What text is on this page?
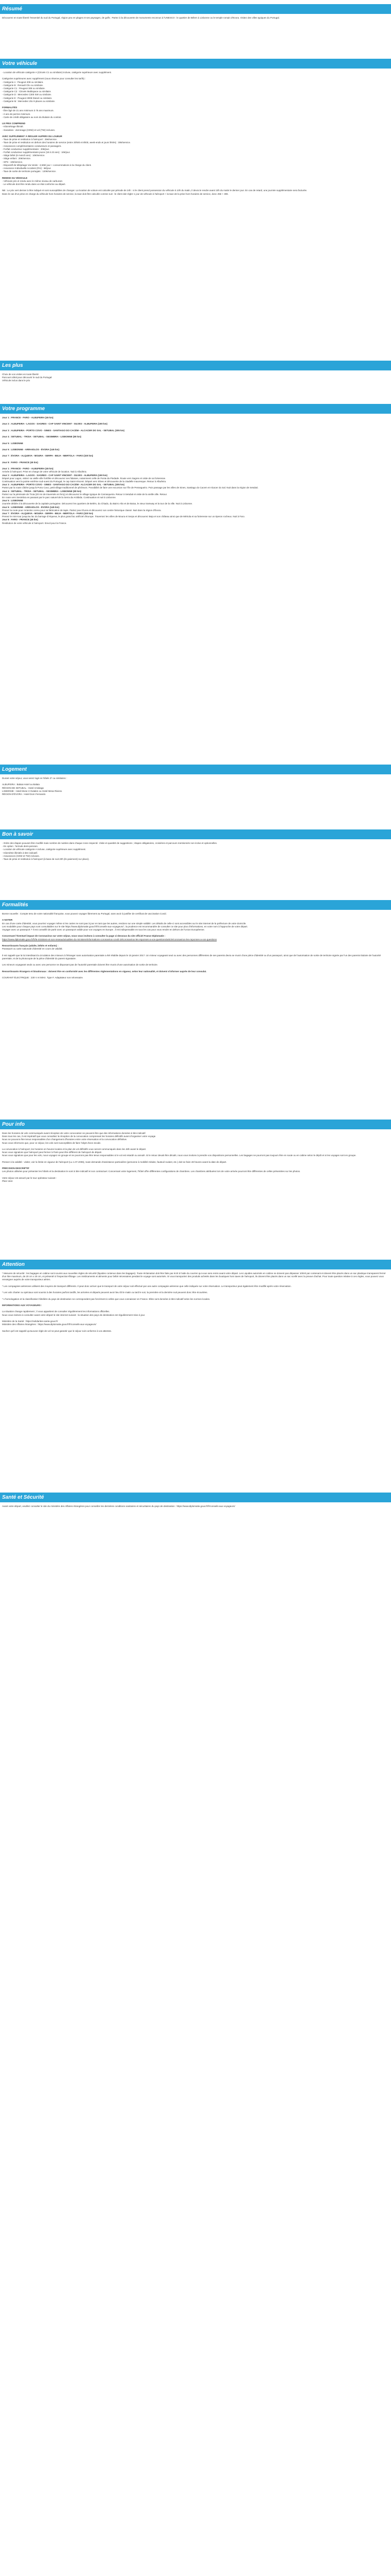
Résumé
Découvrez en toute liberté l'essentiel du sud du Portugal, région peu en plages et ses paysages, de golfs ; Partez à la découverte de monuments reconnus à l'UNESCO : le quartier de Bélem à Lisbonne ou le temple romain d'Evora. Visitez des villes typiques du Portugal.
Votre véhicule
- Location de véhicule catégorie A (Citroën C1 ou similaire) incluse, catégorie supérieure avec supplément.
Catégories supérieures avec supplément (sous réserve pour consulter les tarifs) :
- Catégorie A : Peugeot 208 ou similaire.
- Catégorie B : Renault Clio ou similaire.
- Catégorie C1 : Peugeot 308 ou similaire.
- Catégorie C2 : Citroën Multispace ou similaire.
- Catégorie D : Mercedes C300 SW ou similaire.
- Catégorie E : Peugeot 3008 Diesel ou similaire.
- Catégorie M : Mercedes Vito 9 places ou similaire.
FORMALITÉS
- Être âgé de 21 ans minimum à 75 ans maximum.
- 2 ans de permis minimum.
- Carte de crédit obligatoire au nom du titulaire du contrat.
LE PRIX COMPREND
- Kilométrage illimité.
- Garanties : dommage (CDW) et vol (TW) incluses.
AVEC SUPPLÉMENT À RÉGLER AUPRÈS DU LOUEUR
- Taxe de prise et restitution à l'aéroport : 25€/service.
- Taxe de prise et restitution en dehors des horaires de service (entre 20h00 et 8h00, week-ends et jours fériés) : 30€/service.
- Assurances complémentaires conducteurs et passagers.
- Forfait conducteur supplémentaire : 20€/jour.
- Forfait conducteur supplémentaire jeune (18 à 23 ans) : 10€/jour.
- Siège bébé (6 mois/3 ans) : 10€/service.
- Siège enfant : 20€/service.
- GPS : 10€/service.
- Dispositif de télépéage Via Verde : 2,50€/ jour + consommations à la charge du client.
- Assurance Individuelle Accident (PAI) : 6€/jour.
- Taxe de sortie de territoire portugais : 120€/service.
REMISE DU VÉHICULE
- Véhicule pris et rendu avec le même niveau de carburant.
- Le véhicule doit être rendu dans un état conforme au départ.
NB : Le prix vert dernier à être indiqué et sont susceptibles de changer. La location de voiture est calculée par période de 24h : si le client prend possession du véhicule à 10h du matin, il devra le rendre avant 10h du matin le dernier jour. En cas de retard, une journée supplémentaire sera facturée.
Dans le cas d'un prise en charge du véhicule hors horaires de service, la taxe doit être calculée comme suit : le client doit régler 1 jour de véhicule à l'aéroport + la taxe de la prise hors horaires de service, donc 25€ + 30€.
Les plus
Choix de vos visites en toute liberté
Parcours idéal pour découvrir le sud du Portugal
Véhicule inclus dans le prix
Votre programme
Jour 1 : FRANCE - FARO - ALBUFEIRA (45 km)
Jour 2 : ALBUFEIRA - LAGOS - SAGRES - CAP SAINT VINCENT - SILVES - ALBUFEIRA (190 km)
Jour 3 : ALBUFEIRA - PORTO COVO - SINES - SANTIAGO DO CACÉM - ALCACER DO SAL - SETUBAL (305 km)
Jour 4 : SETUBAL - TROIA - SETUBAL - SESIMBRA - LISBONNE (80 km)
Jour 5 : LISBONNE
Jour 6 : LISBONNE - ARRAIOLOS - ÉVORA (145 km)
Jour 7 : ÉVORA - ALQUEVA - MOURA - SERPA - BEJA - MERTOLA - FARO (320 km)
Jour 8 : FARO - FRANCE (45 km)
Jour 1 : FRANCE - FARO - ALBUFEIRA (45 km)
Arrivée à l'aéroport. Prise en charge de votre véhicule de location. Nuit à Albufeira.
Jour 2 : ALBUFEIRA - LAGOS - SAGRES - CAP SAINT VINCENT - SILVES - ALBUFEIRA (190 km)
Départ pour Lagos, visitez sa vieille ville fortifiée et découvrez ses falaises, notamment celle de Ponta da Piedade. Route vers Sagres et visite de sa forteresse.
Continuation vers la pointe extrême sud-ouest du Portugal, le cap Saint-Vincent. Départ vers Silves et découverte de la citadelle mauresque. Retour à Albufeira.
Jour 3 : ALBUFEIRA - PORTO COVO - SINES - SANTIAGO DO CACÉM - ALCACER DO SAL - SETUBAL (305 km)
Partez par la route côtière jusqu'à Porto Covo, petit village traditionnel de pêcheurs. Possibilité de faire une excursion sur l'île de Pessegueiro. Puis passage par les villes de Sines, Santiago do Cacem et Alcacer do Sal. Nuit dans la région de Setubal.
Jour 4 : SETUBAL - TROIA - SETUBAL - SESIMBRA - LISBONNE (80 km)
Partez sur la péninsule de Troia (20 mn de traversée en ferry) et découvrez le village typique de Carrasqueira. Retour à Setubal et visite de la vieille ville. Retour.
En route vers Sesimbra en passant par le parc naturel de la Serra da Arrábida. Continuation et nuit à Lisbonne.
Jour 5 : LISBONNE
Journée dédiée à la découverte de la capitale portugaise. Découvrez les quartiers de Belém, du Chiado, du Bairro Alto et de Baixa, le vieux tramway et la tour de la ville. Nuit à Lisbonne.
Jour 6 : LISBONNE - ARRAIOLOS - ÉVORA (145 km)
Prenez la route pour Arraiolos connu pour sa fabrication de tapis. Partez pour Évora et découvrez son centre historique classé. Nuit dans la région d'Évora.
Jour 7 : ÉVORA - ALQUEVA - MOURA - SERPA - BEJA - MERTOLA - FARO (320 km)
Prenez le mini-tour jusqu'au lac du barrage d'Alqueva, le plus grand lac artificiel d'Europe. Traversez les villes de Moura et Serpa et découvrez Beja et son château ainsi que de Mértola et sa forteresse sur un éperon rocheux. Nuit à Faro.
Jour 8 : FARO - FRANCE (45 km)
Restitution de votre véhicule à l'aéroport. Envol pour la France.
Logement
Durant votre séjour, vous serez logé en hôtels 3* ou similaires :
ALBUFEIRA : Balaia Hotel ou Balaia
RÉGION DE SETUBAL : Hotel Arrabaga
LISBONNE : Hotel Mone 3 Outalen ou Hotel Mesa Riviera
RÉGION D'ÉVORA : Hotel Dom Fernando
Bon à savoir
- Ordre des étapes pouvant être modifié mais nombre de nuitées dans chaque zone respecté. Visite et quantité de suggestions ; étapes obligatoires, croisières et parcours mentionnés non inclus et optionnelles.
- En option : formule demi-pension.
- Location de véhicule catégorie A incluse, catégorie supérieure avec supplément.
- Kilométrie illimités à titre indicatif.
- Assurances (CDW et TW) incluses.
- Taxe de prise et restitution à l'aéroport (à base de nuit 20h (ils paiement) sur place).
Formalités
Bonne nouvelle : Compte tenu de votre nationalité française, vous pouvez voyager librement au Portugal, sans avoir à justifier de certificat de vaccination Covid.
A NOTER
En cas d'une carte d'identité, vous pourriez voyager même si les cartes ne sont pas à jour en tant que les autres, rendons sur une simple validité. Les détails de celle-ci sont accessibles sur le site internet de la préfecture de votre domicile.
Les modalités pour chaque pays sont consultables sur le site https://www.diplomatie.gouv.fr/fr/conseils-aux-voyageurs/ ; la prudence est recommandée de consulter ce site pour plus d'informations, en votre nom à l'approche de votre départ.
Voyager avec un passeport ? Il est conseillé de partir avec un passeport valide pour vos voyages en Europe ; il est indispensable en tous les cas pour vous rendre en dehors de l'Union Européenne.
Concernant l'éventuel impact de Coronavirus sur votre séjour, nous vous invitons à consulter la page ci-dessous du site officiel France Diplomatie :
https://www.diplomatie.gouv.fr/fr/le-ministere-et-son-reseau/actualites-du-ministere/informations-coronavirus-covid-19/coronavirus-les-reponses-a-vos-questions/article/coronavirus-les-reponses-a-vos-questions
Ressortissants français (adulte, bébés et enfants) :
Passeport ou carte nationale d'identité en cours de validité.
Il est rappelé que la loi interdisant la circulation des mineurs à l'étranger sans autorisation parentale a été rétablie depuis le 15 janvier 2017. Un mineur voyageant seul ou avec des personnes différentes de ses parents devra se munir d'une pièce d'identité ou d'un passeport, ainsi que de l'autorisation de sortie de territoire signée par l'un des parents titulaire de l'autorité parentale, et de la photocopie de la pièce d'identité du parent signataire.
Les mineurs voyageant seuls ou avec une personne ne disposant pas de l'autorité parentale doivent être munis d'une autorisation de sortie de territoire.
Ressortissants étrangers et binationaux : doivent être en conformité avec les différentes réglementations en vigueur, selon leur nationalité, et doivent s'informer auprès de leur consulat.
COURANT ÉLECTRIQUE : 230 V et 50Hz. Type F. Adaptateur non nécessaire.
Pour info
Dans les horaires de vols communiqués avant réception de votre convocation ne peuvent être que des informations données à titre indicatif.
Dans tous les cas, il est impératif que vous consultiez la réception de la convocation comprenant les horaires définitifs avant d'organiser votre voyage.
Nous ne pouvons être tenus responsables d'un changement d'horaires entre votre réservation et la convocation définitive.
Nous vous informons que, pour ce séjour, les vols sont susceptibles de faire l'objet d'une escale.
La convocation à l'aéroport, les horaires en heures locales et la plan de vol définitifs vous seront communiqués dans les 48h avant le départ.
Nous vous signalons que l'aéroport peut fermer à Paris peut être différent de l'aéroport de départ.
Nous vous signalons que pour les vols, nous voyagez en groupe et ne pourrons pas être tenus responsables si le vol est retardé ou annulé. Si le retour devait être décalé, nous vous invitons à prendre vos dispositions personnelles. Les bagages ne pourront pas toujours être en soute ou en cabine selon le dépôt et si les voyages sont en groupe.
Pensez à la validité : visiter, voir la limite en vigueur de l'aéroport (Lu 1.07.2006), toute demande d'assistance particulière (personne à mobilité réduite, fauteuil roulant, etc.) doit se faire 48 heures avant la date de départ.
PRÉCISION DESCRIPTIF
Les photos utilisées pour présenter les hôtels et la destination le sont à titre indicatif et non contractuel. Concernant votre logement, l'hôtel offre différentes configurations de chambres. Les chambres attribuées lors de votre arrivée pourront être différentes de celles présentées sur les photos.
Votre séjour est assuré par le tour opérateur suivant :
Plein Vent
Attention
* Mesures de sécurité : les bagages en cabine sont soumis aux nouvelles règles de sécurité (liquides contenus dans les bagages). Toute réclamation doit être faite par écrit à l'aide du courrier qui vous sera remis avant votre départ. Les Liquides autorisés en cabine ne doivent pas dépasser 100ml par contenant et doivent être placés dans un sac plastique transparent fermé d'un litre maximum, de 20 cm x 20 cm, et présenté à l'inspection-filtrage. Les médicaments et aliments pour bébé nécessaires pendant le voyage sont autorisés. Si vous transportez des produits achetés dans les boutiques hors taxes de l'aéroport, ils doivent être placés dans un sac scellé avec la preuve d'achat. Pour toute question relative à ces règles, vous pouvez vous renseigner auprès de votre transporteur aérien.
* Les compagnies aériennes utilisent des moyens de transport différents. Il peut donc arriver que le transport de votre séjour soit effectué par une autre compagnie aérienne que celle indiquée sur votre réservation. Le transporteur peut également être modifié après votre réservation.
* Les vols charter ou spéciaux sont soumis à des horaires parfois tardifs, les arrivées et départs peuvent avoir lieu tôt le matin ou tard le soir, la première et la dernière nuit peuvent donc être écourtées.
* L'homologation et la classification hôtelière du pays de destination ne correspondent pas forcément à celles que vous connaissez en France. Elles sont données à titre indicatif selon les normes locales.
INFORMATIONS AUX VOYAGEURS :
La situation change rapidement ; il vous appartient de consulter régulièrement les informations officielles.
Nous vous invitons à consulter avant votre départ le site internet suivant : la situation des pays de destination est régulièrement mise à jour.
Ministère de la Santé : https://solidarites-sante.gouv.fr/
Ministère des Affaires étrangères : https://www.diplomatie.gouv.fr/fr/conseils-aux-voyageurs/
Sachez qu'il est rappelé qu'aucune règle de vol ne peut garantir que le séjour soit conforme à vos attentes.
Santé et Sécurité
Avant votre départ, veuillez consulter le site du ministère des Affaires étrangères pour connaître les dernières conditions sanitaires et sécuritaires du pays de destination : https://www.diplomatie.gouv.fr/fr/conseils-aux-voyageurs/
